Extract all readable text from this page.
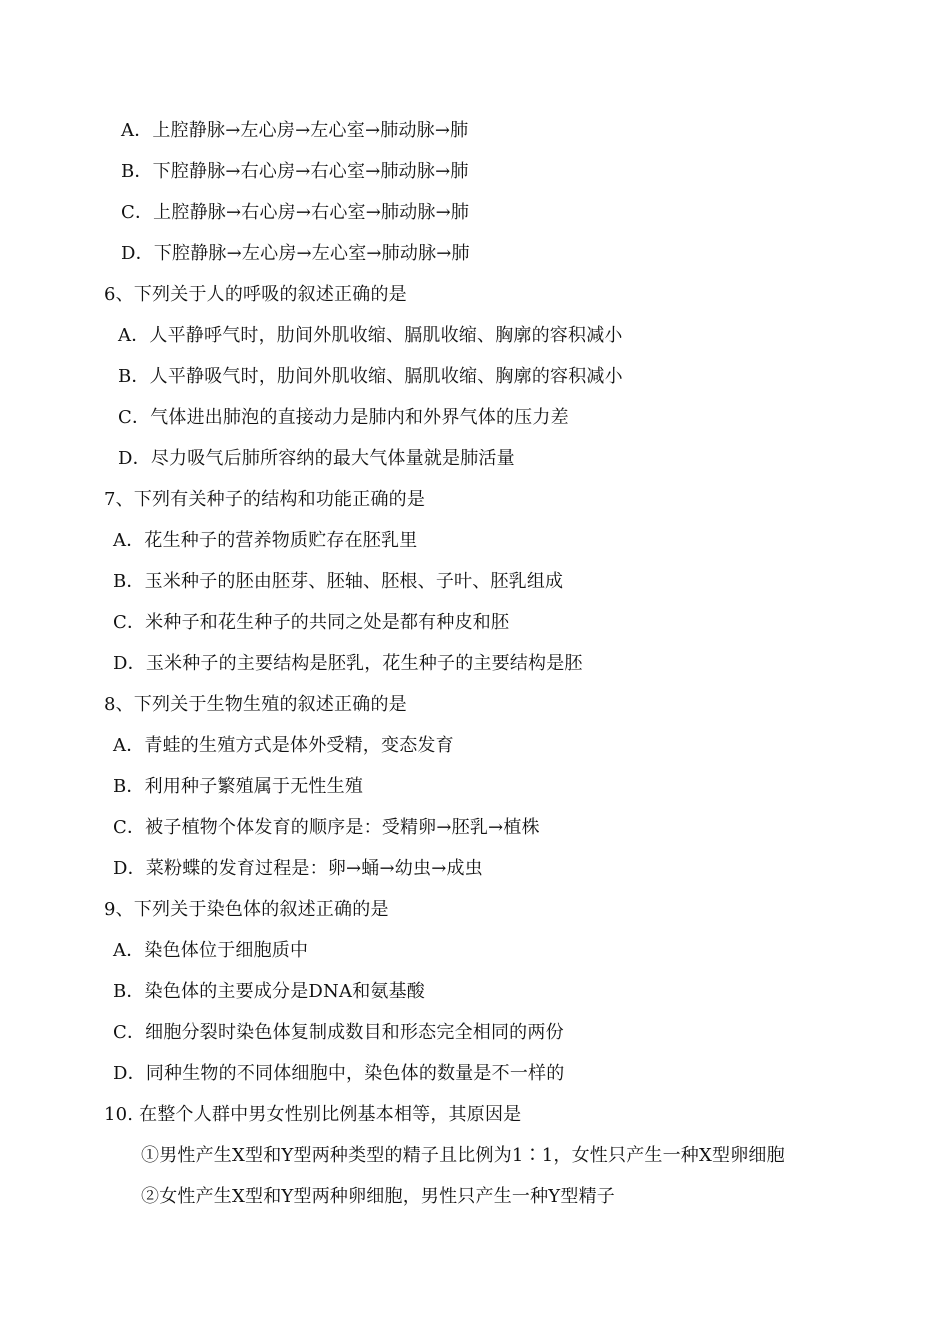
A．上腔静脉→左心房→左心室→肺动脉→肺
B．下腔静脉→右心房→右心室→肺动脉→肺
C．上腔静脉→右心房→右心室→肺动脉→肺
D．下腔静脉→左心房→左心室→肺动脉→肺
6、下列关于人的呼吸的叙述正确的是
A．人平静呼气时，肋间外肌收缩、膈肌收缩、胸廓的容积减小
B．人平静吸气时，肋间外肌收缩、膈肌收缩、胸廓的容积减小
C．气体进出肺泡的直接动力是肺内和外界气体的压力差
D．尽力吸气后肺所容纳的最大气体量就是肺活量
7、下列有关种子的结构和功能正确的是
A．花生种子的营养物质贮存在胚乳里
B．玉米种子的胚由胚芽、胚轴、胚根、子叶、胚乳组成
C．米种子和花生种子的共同之处是都有种皮和胚
D．玉米种子的主要结构是胚乳，花生种子的主要结构是胚
8、下列关于生物生殖的叙述正确的是
A．青蛙的生殖方式是体外受精，变态发育
B．利用种子繁殖属于无性生殖
C．被子植物个体发育的顺序是：受精卵→胚乳→植株
D．菜粉蝶的发育过程是：卵→蛹→幼虫→成虫
9、下列关于染色体的叙述正确的是
A．染色体位于细胞质中
B．染色体的主要成分是DNA和氨基酸
C．细胞分裂时染色体复制成数目和形态完全相同的两份
D．同种生物的不同体细胞中，染色体的数量是不一样的
10. 在整个人群中男女性别比例基本相等，其原因是
①男性产生X型和Y型两种类型的精子且比例为1∶1，女性只产生一种X型卵细胞
②女性产生X型和Y型两种卵细胞，男性只产生一种Y型精子
